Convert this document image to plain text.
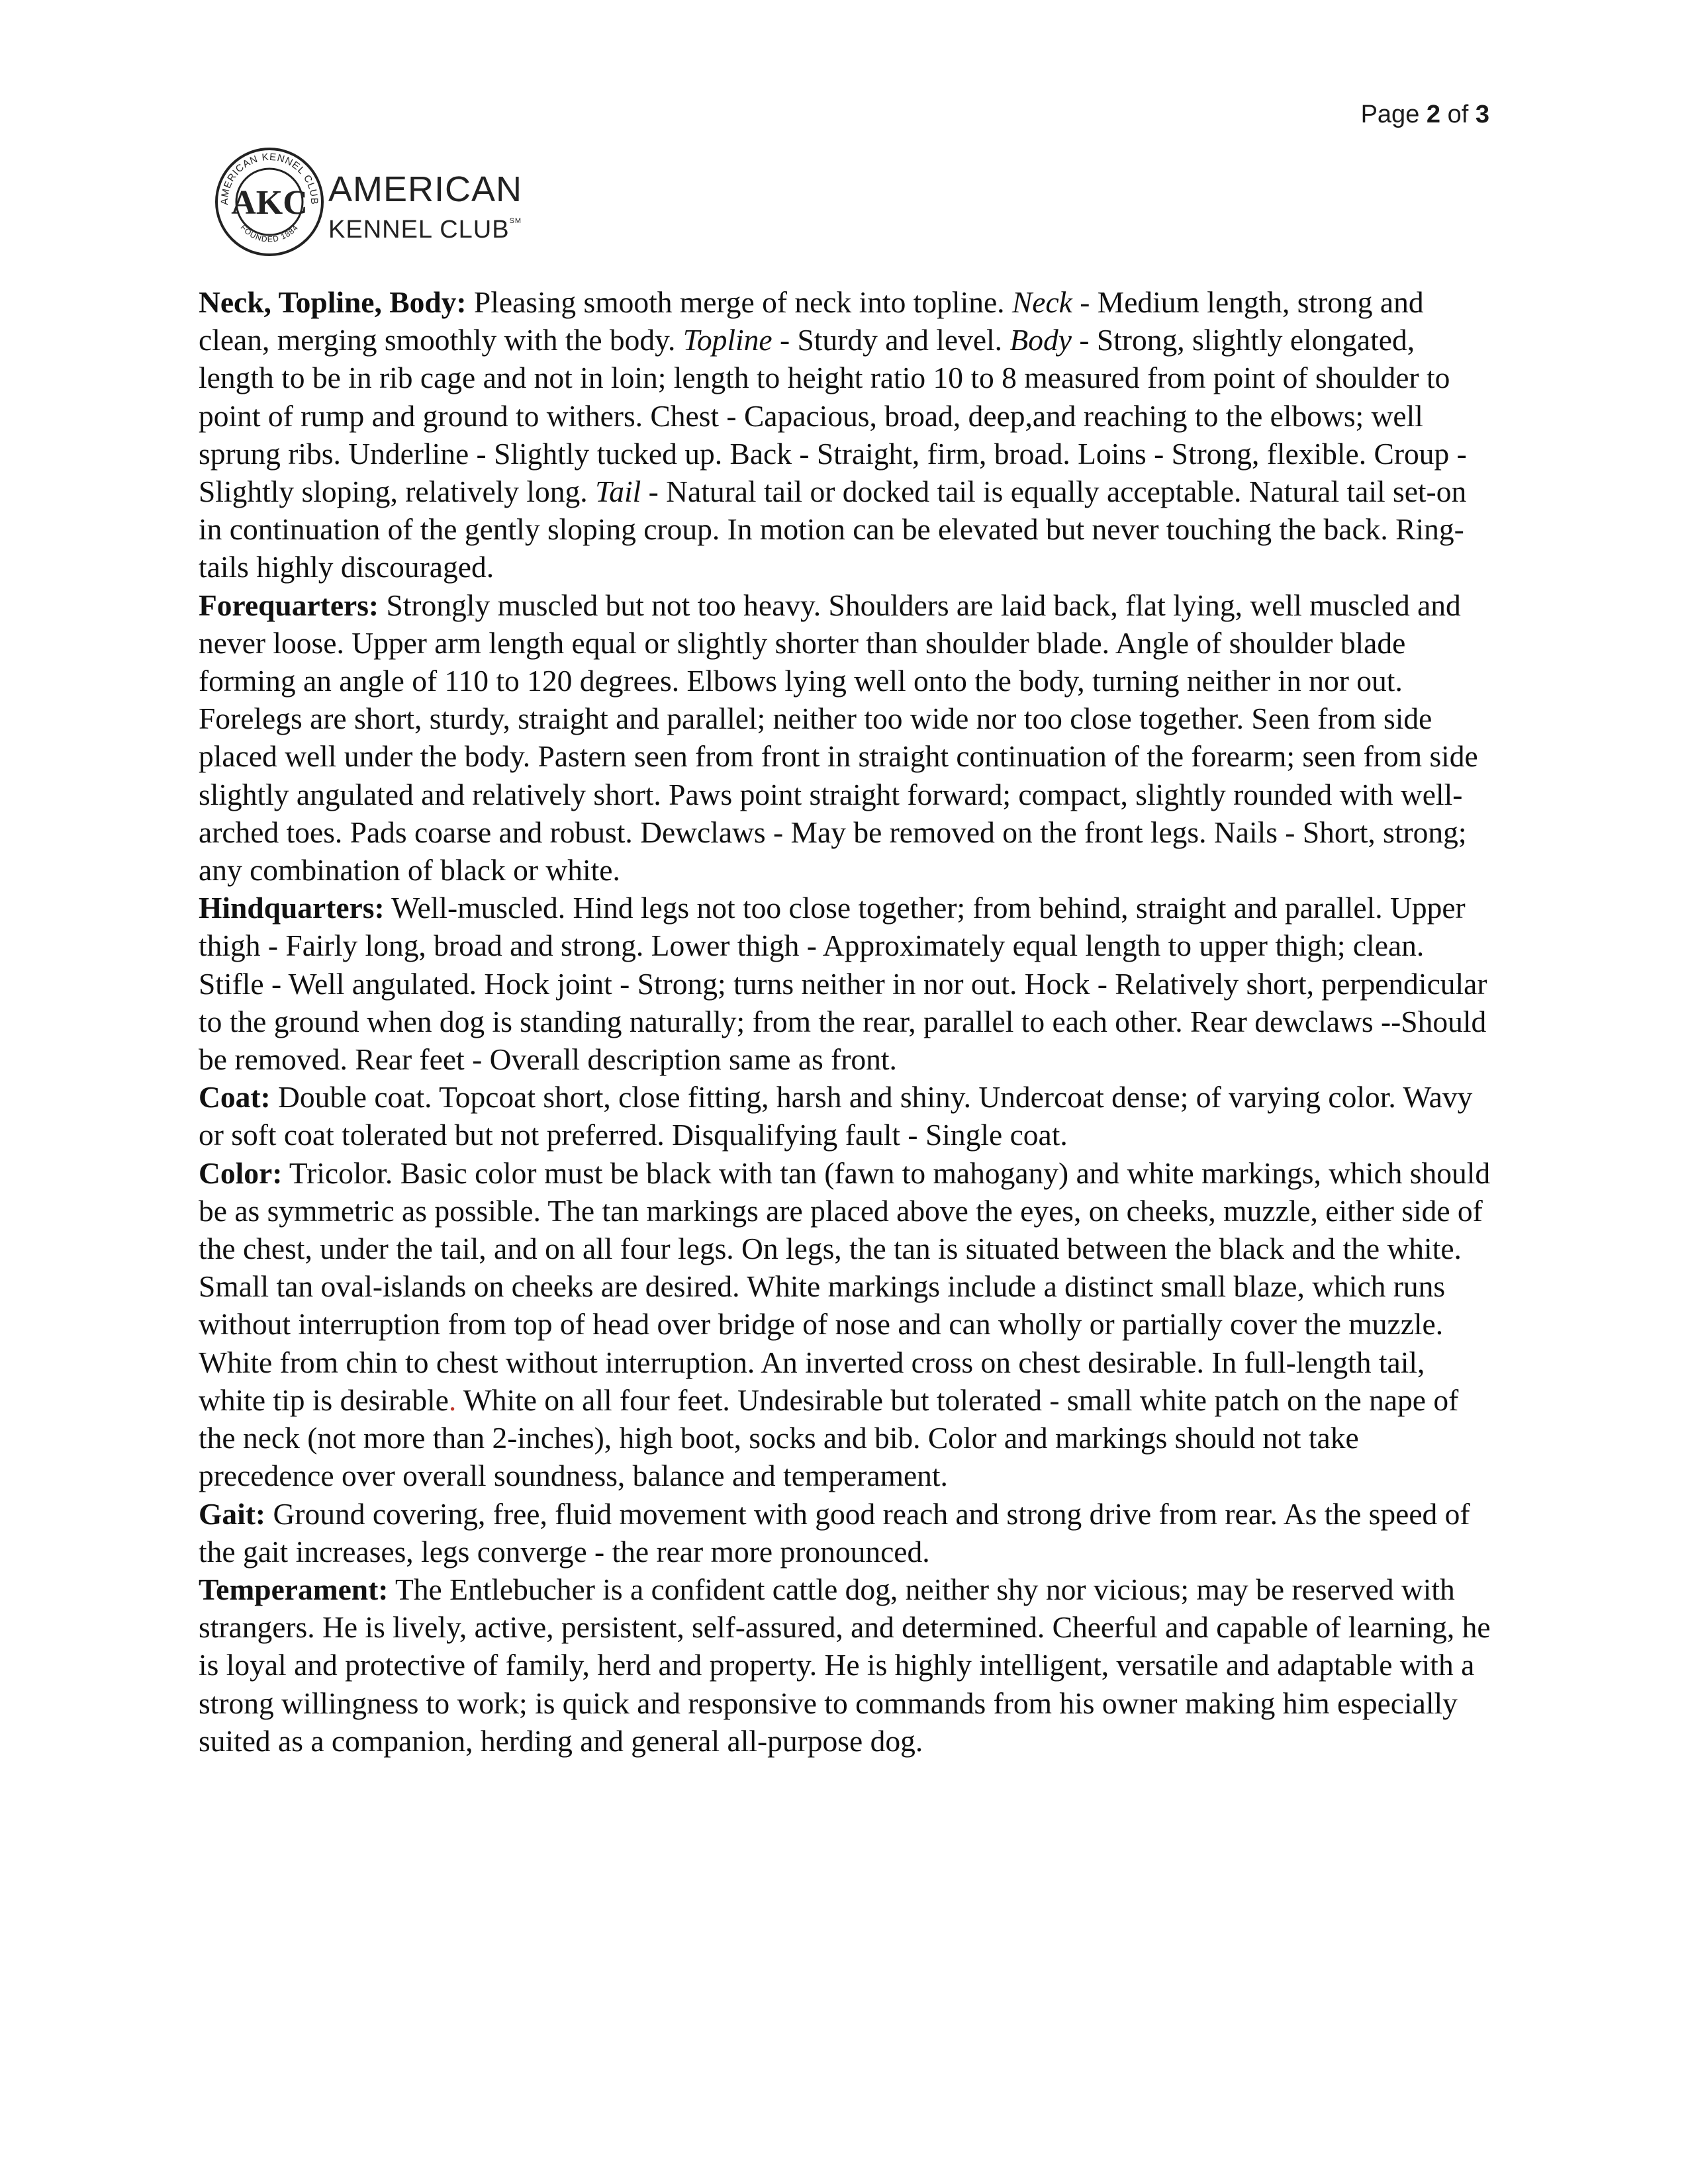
Page 2 of 3
AMERICAN KENNEL CLUB
FOUNDED 1884
AKC AMERICAN
KENNEL CLUB℠

Neck, Topline, Body: Pleasing smooth merge of neck into topline. Neck - Medium length, strong and clean, merging smoothly with the body. Topline - Sturdy and level. Body - Strong, slightly elongated, length to be in rib cage and not in loin; length to height ratio 10 to 8 measured from point of shoulder to point of rump and ground to withers. Chest - Capacious, broad, deep,and reaching to the elbows; well sprung ribs. Underline - Slightly tucked up. Back - Straight, firm, broad. Loins - Strong, flexible. Croup - Slightly sloping, relatively long. Tail - Natural tail or docked tail is equally acceptable. Natural tail set-on in continuation of the gently sloping croup. In motion can be elevated but never touching the back. Ring-tails highly discouraged.

Forequarters: Strongly muscled but not too heavy. Shoulders are laid back, flat lying, well muscled and never loose. Upper arm length equal or slightly shorter than shoulder blade. Angle of shoulder blade forming an angle of 110 to 120 degrees. Elbows lying well onto the body, turning neither in nor out. Forelegs are short, sturdy, straight and parallel; neither too wide nor too close together. Seen from side placed well under the body. Pastern seen from front in straight continuation of the forearm; seen from side slightly angulated and relatively short. Paws point straight forward; compact, slightly rounded with well-arched toes. Pads coarse and robust. Dewclaws - May be removed on the front legs. Nails - Short, strong; any combination of black or white.

Hindquarters: Well-muscled. Hind legs not too close together; from behind, straight and parallel. Upper thigh - Fairly long, broad and strong. Lower thigh - Approximately equal length to upper thigh; clean. Stifle - Well angulated. Hock joint - Strong; turns neither in nor out. Hock - Relatively short, perpendicular to the ground when dog is standing naturally; from the rear, parallel to each other. Rear dewclaws --Should be removed. Rear feet - Overall description same as front.

Coat: Double coat. Topcoat short, close fitting, harsh and shiny. Undercoat dense; of varying color. Wavy or soft coat tolerated but not preferred. Disqualifying fault - Single coat.

Color: Tricolor. Basic color must be black with tan (fawn to mahogany) and white markings, which should be as symmetric as possible. The tan markings are placed above the eyes, on cheeks, muzzle, either side of the chest, under the tail, and on all four legs. On legs, the tan is situated between the black and the white. Small tan oval-islands on cheeks are desired. White markings include a distinct small blaze, which runs without interruption from top of head over bridge of nose and can wholly or partially cover the muzzle. White from chin to chest without interruption. An inverted cross on chest desirable. In full-length tail, white tip is desirable. White on all four feet. Undesirable but tolerated - small white patch on the nape of the neck (not more than 2-inches), high boot, socks and bib. Color and markings should not take precedence over overall soundness, balance and temperament.

Gait: Ground covering, free, fluid movement with good reach and strong drive from rear. As the speed of the gait increases, legs converge - the rear more pronounced.

Temperament: The Entlebucher is a confident cattle dog, neither shy nor vicious; may be reserved with strangers. He is lively, active, persistent, self-assured, and determined. Cheerful and capable of learning, he is loyal and protective of family, herd and property. He is highly intelligent, versatile and adaptable with a strong willingness to work; is quick and responsive to commands from his owner making him especially suited as a companion, herding and general all-purpose dog.
